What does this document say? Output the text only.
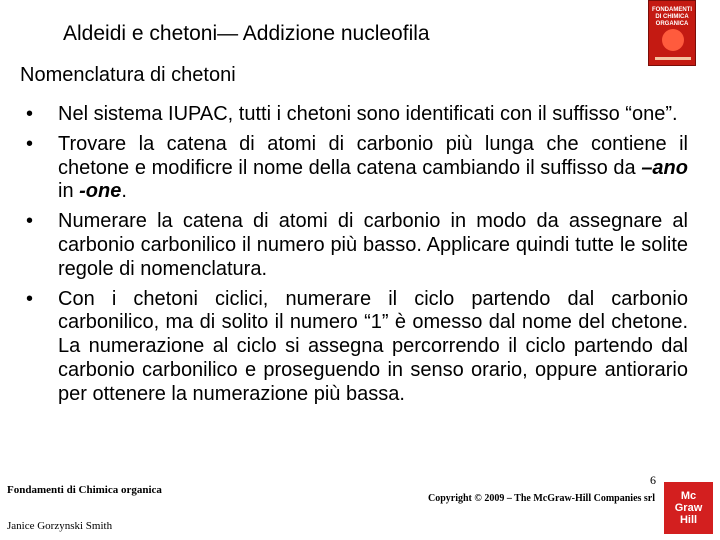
Aldeidi e chetoni— Addizione nucleofila
Nomenclatura di chetoni
FONDAMENTI DI CHIMICA ORGANICA
• Nel sistema IUPAC, tutti i chetoni sono identificati con il suffisso “one”.
• Trovare la catena di atomi di carbonio più lunga che contiene il chetone e modificre il nome della catena cambiando il suffisso da –ano in -one.
• Numerare la catena di atomi di carbonio in modo da assegnare al carbonio carbonilico il numero più basso. Applicare quindi tutte le solite regole di nomenclatura.
• Con i chetoni ciclici, numerare il ciclo partendo dal carbonio carbonilico, ma di solito il numero “1” è omesso dal nome del chetone. La numerazione al ciclo si assegna percorrendo il ciclo partendo dal carbonio carbonilico e proseguendo in senso orario, oppure antiorario per ottenere la numerazione più bassa.
6
Fondamenti di Chimica organica
Janice Gorzynski Smith
Copyright © 2009 – The McGraw-Hill Companies srl	Mc
Graw
Hill
